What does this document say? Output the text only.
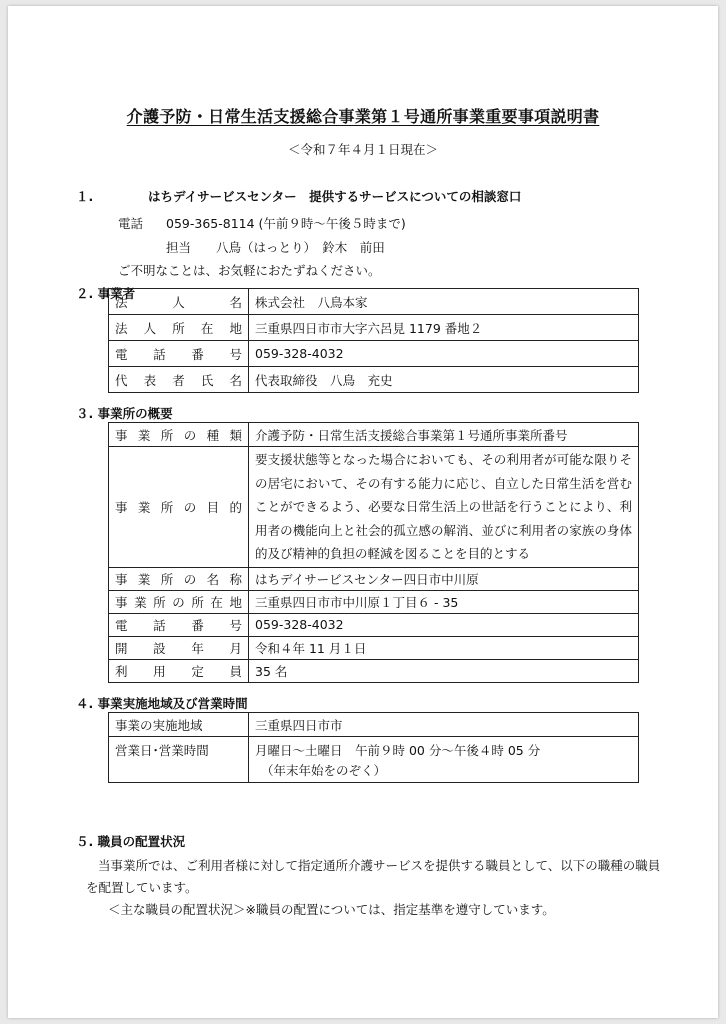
介護予防・日常生活支援総合事業第１号通所事業重要事項説明書
＜令和７年４月１日現在＞
１.	はちデイサービスセンター　提供するサービスについての相談窓口
電話 059-365-8114 (午前９時～午後５時まで)
担当 八鳥（はっとり）　鈴木　前田
ご不明なことは、お気軽におたずねください。
２. 事業者
法人名	株式会社　八鳥本家
法人所在地	三重県四日市市大字六呂見 1179 番地２
電話番号	059-328-4032
代表者氏名	代表取締役　八鳥　充史
３. 事業所の概要
事業所の種類	介護予防・日常生活支援総合事業第１号通所事業所番号
事業所の目的	要支援状態等となった場合においても、その利用者が可能な限りそ
の居宅において、その有する能力に応じ、自立した日常生活を営む
ことができるよう、必要な日常生活上の世話を行うことにより、利
用者の機能向上と社会的孤立感の解消、並びに利用者の家族の身体
的及び精神的負担の軽減を図ることを目的とする

事業所の名称	はちデイサービスセンター四日市中川原
事業所の所在地	三重県四日市市中川原１丁目６ - 35
電話番号	059-328-4032
開設年月	令和４年 11 月１日
利用定員	35 名
４. 事業実施地域及び営業時間
事業の実施地域	三重県四日市市
営業日･営業時間	月曜日～土曜日　午前９時 00 分～午後４時 05 分
（年末年始をのぞく）
５. 職員の配置状況
当事業所では、ご利用者様に対して指定通所介護サービスを提供する職員として、以下の職種の職員
を配置しています。
＜主な職員の配置状況＞※職員の配置については、指定基準を遵守しています。
